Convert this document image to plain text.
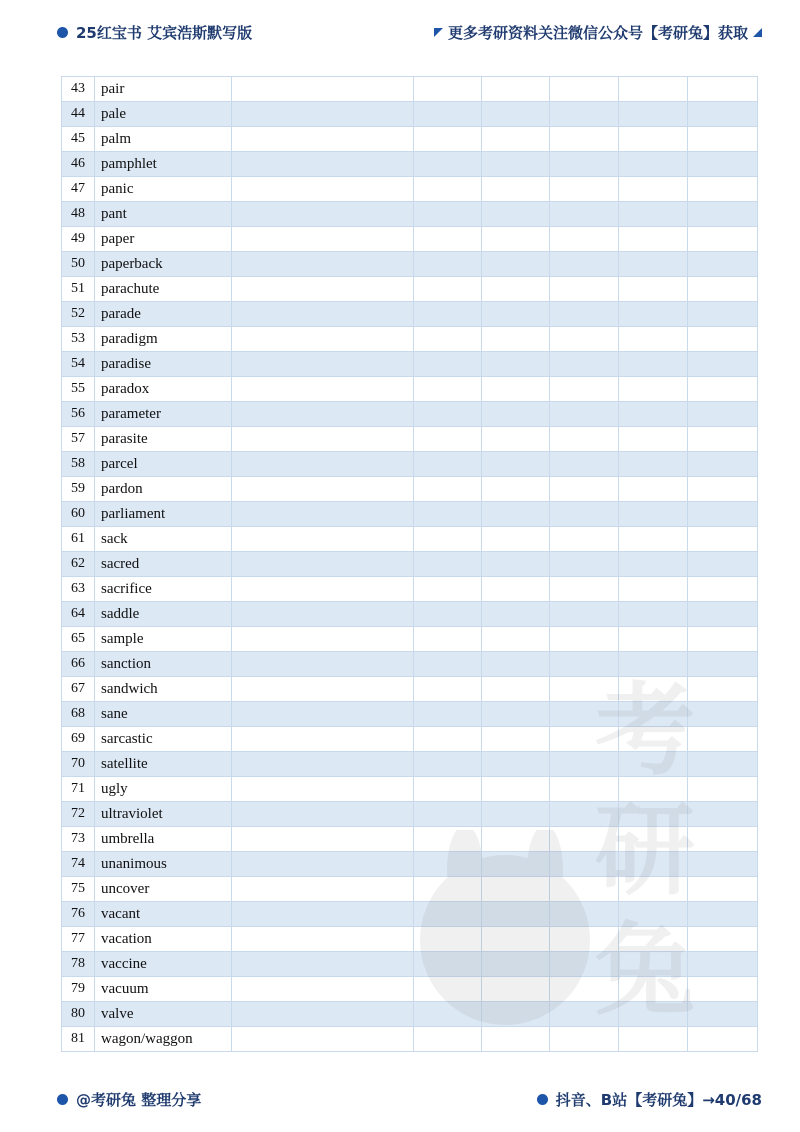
25红宝书 艾宾浩斯默写版	更多考研资料关注微信公众号【考研兔】获取
43	pair						
44	pale						
45	palm						
46	pamphlet						
47	panic						
48	pant						
49	paper						
50	paperback						
51	parachute						
52	parade						
53	paradigm						
54	paradise						
55	paradox						
56	parameter						
57	parasite						
58	parcel						
59	pardon						
60	parliament						
61	sack						
62	sacred						
63	sacrifice						
64	saddle						
65	sample						
66	sanction						
67	sandwich						
68	sane						
69	sarcastic						
70	satellite						
71	ugly						
72	ultraviolet						
73	umbrella						
74	unanimous						
75	uncover						
76	vacant						
77	vacation						
78	vaccine						
79	vacuum						
80	valve						
81	wagon/waggon						
考
研
@考研兔 整理分享	抖音、B站【考研兔】→40/68
